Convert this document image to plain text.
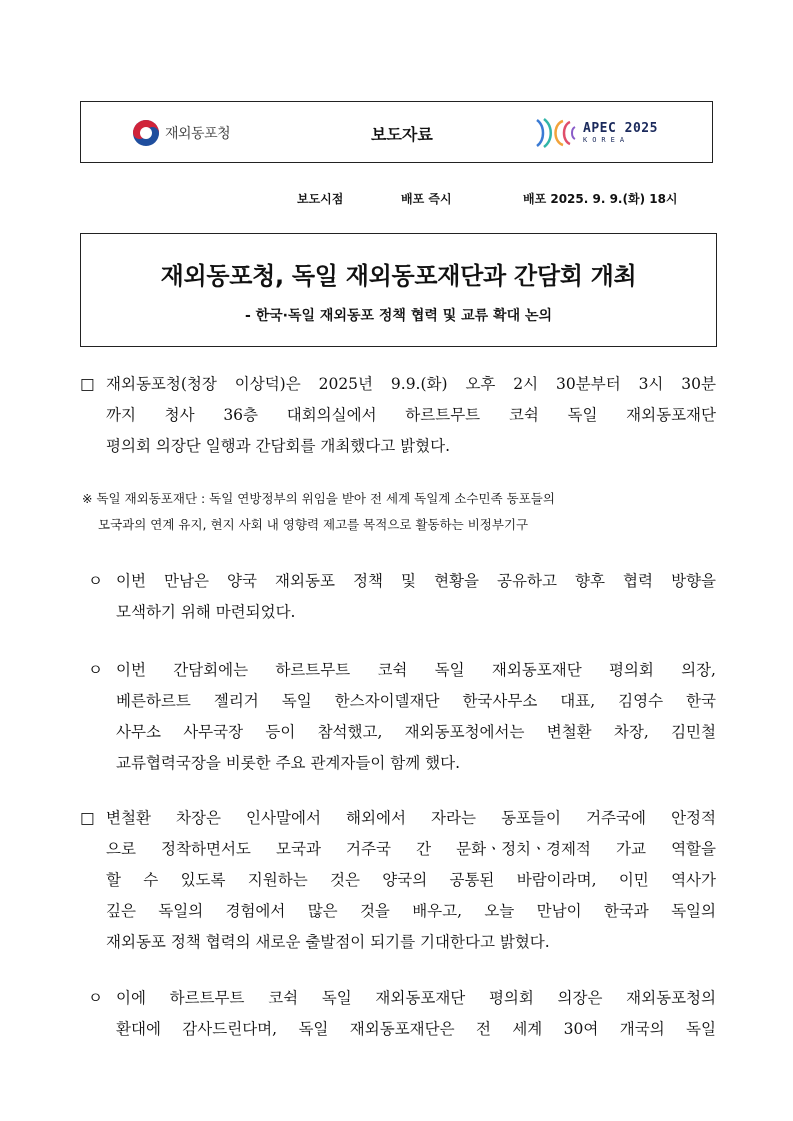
재외동포청	보도자료	APEC 2025
KOREA
보도시점	배포 즉시	배포 2025. 9. 9.(화) 18시
재외동포청, 독일 재외동포재단과 간담회 개최
- 한국·독일 재외동포 정책 협력 및 교류 확대 논의
□ 재외동포청(청장 이상덕)은 2025년 9.9.(화) 오후 2시 30분부터 3시 30분
까지 청사 36층 대회의실에서 하르트무트 코쉭 독일 재외동포재단
평의회 의장단 일행과 간담회를 개최했다고 밝혔다.
※ 독일 재외동포재단 : 독일 연방정부의 위임을 받아 전 세계 독일계 소수민족 동포들의
모국과의 연계 유지, 현지 사회 내 영향력 제고를 목적으로 활동하는 비정부기구
ㅇ 이번 만남은 양국 재외동포 정책 및 현황을 공유하고 향후 협력 방향을
모색하기 위해 마련되었다.
ㅇ 이번 간담회에는 하르트무트 코쉭 독일 재외동포재단 평의회 의장,
베른하르트 젤리거 독일 한스자이델재단 한국사무소 대표, 김영수 한국
사무소 사무국장 등이 참석했고, 재외동포청에서는 변철환 차장, 김민철
교류협력국장을 비롯한 주요 관계자들이 함께 했다.
□ 변철환 차장은 인사말에서 해외에서 자라는 동포들이 거주국에 안정적
으로 정착하면서도 모국과 거주국 간 문화ㆍ정치ㆍ경제적 가교 역할을
할 수 있도록 지원하는 것은 양국의 공통된 바람이라며, 이민 역사가
깊은 독일의 경험에서 많은 것을 배우고, 오늘 만남이 한국과 독일의
재외동포 정책 협력의 새로운 출발점이 되기를 기대한다고 밝혔다.
ㅇ 이에 하르트무트 코쉭 독일 재외동포재단 평의회 의장은 재외동포청의
환대에 감사드린다며, 독일 재외동포재단은 전 세계 30여 개국의 독일
